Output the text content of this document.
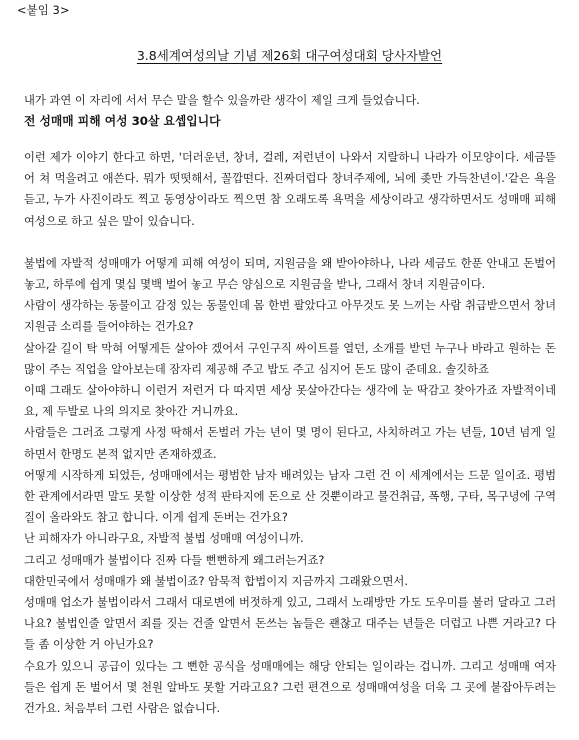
<붙임 3>
3.8세계여성의날 기념 제26회 대구여성대회 당사자발언

내가 과연 이 자리에 서서 무슨 말을 할수 있을까란 생각이 제일 크게 들었습니다.

전 성매매 피해 여성 30살 요셉입니다

이런 제가 이야기 한다고 하면, '더러운년, 창녀, 걸레, 저런년이 나와서 지랄하니 나라가 이모양이다. 세금뜯어 쳐 먹을려고 애쓴다. 뭐가 떳떳해서, 꼴깝떤다. 진짜더럽다 창녀주제에, 뇌에 좆만 가득찬년이.'같은 욕을 듣고, 누가 사진이라도 찍고 동영상이라도 찍으면 참 오래도록 욕먹을 세상이라고 생각하면서도 성매매 피해 여성으로 하고 싶은 말이 있습니다.

불법에 자발적 성매매가 어떻게 피해 여성이 되며, 지원금을 왜 받아야하나, 나라 세금도 한푼 안내고 돈벌어놓고, 하루에 쉽게 몇십 몇백 벌어 놓고 무슨 양심으로 지원금을 받나, 그래서 창녀 지원금이다.

사람이 생각하는 동물이고 감정 있는 동물인데 몸 한번 팔았다고 아무것도 못 느끼는 사람 취급받으면서 창녀 지원금 소리를 들어야하는 건가요?

살아갈 길이 탁 막혀 어떻게든 살아야 겠어서 구인구직 싸이트를 열던, 소개를 받던 누구나 바라고 원하는 돈 많이 주는 직업을 알아보는데 잠자리 제공해 주고 밥도 주고 심지어 돈도 많이 준데요. 솔깃하죠

이때 그래도 살아야하니 이런거 저런거 다 따지면 세상 못살아간다는 생각에 눈 딱감고 찾아가죠 자발적이네요, 제 두발로 나의 의지로 찾아간 거니까요.

사람들은 그러죠 그렇게 사정 딱해서 돈벌러 가는 년이 몇 명이 된다고, 사치하려고 가는 년들, 10년 넘게 일하면서 한명도 본적 없지만 존재하겠죠.

어떻게 시작하게 되었든, 성매매에서는 평범한 남자 배려있는 남자 그런 건 이 세계에서는 드문 일이죠. 평범한 관계에서라면 말도 못할 이상한 성적 판타지에 돈으로 산 것뿐이라고 물건취급, 폭행, 구타, 목구녕에 구역질이 올라와도 참고 합니다. 이게 쉽게 돈버는 건가요?

난 피해자가 아니라구요, 자발적 불법 성매매 여성이니까.

그리고 성매매가 불법이다 진짜 다들 뻔뻔하게 왜그러는거죠?

대한민국에서 성매매가 왜 불법이죠? 암묵적 합법이지 지금까지 그래왔으면서.

성매매 업소가 불법이라서 그래서 대로변에 버젓하게 있고, 그래서 노래방만 가도 도우미를 불러 달라고 그러나요? 불법인줄 알면서 죄를 짓는 건줄 알면서 돈쓰는 놈들은 괜찮고 대주는 년들은 더럽고 나쁜 거라고? 다들 좀 이상한 거 아닌가요?

수요가 있으니 공급이 있다는 그 뻔한 공식을 성매매에는 해당 안되는 일이라는 겁니까. 그리고 성매매 여자들은 쉽게 돈 벌어서 몇 천원 알바도 못할 거라고요? 그런 편견으로 성매매여성을 더욱 그 곳에 붙잡아두려는 건가요. 처음부터 그런 사람은 없습니다.
